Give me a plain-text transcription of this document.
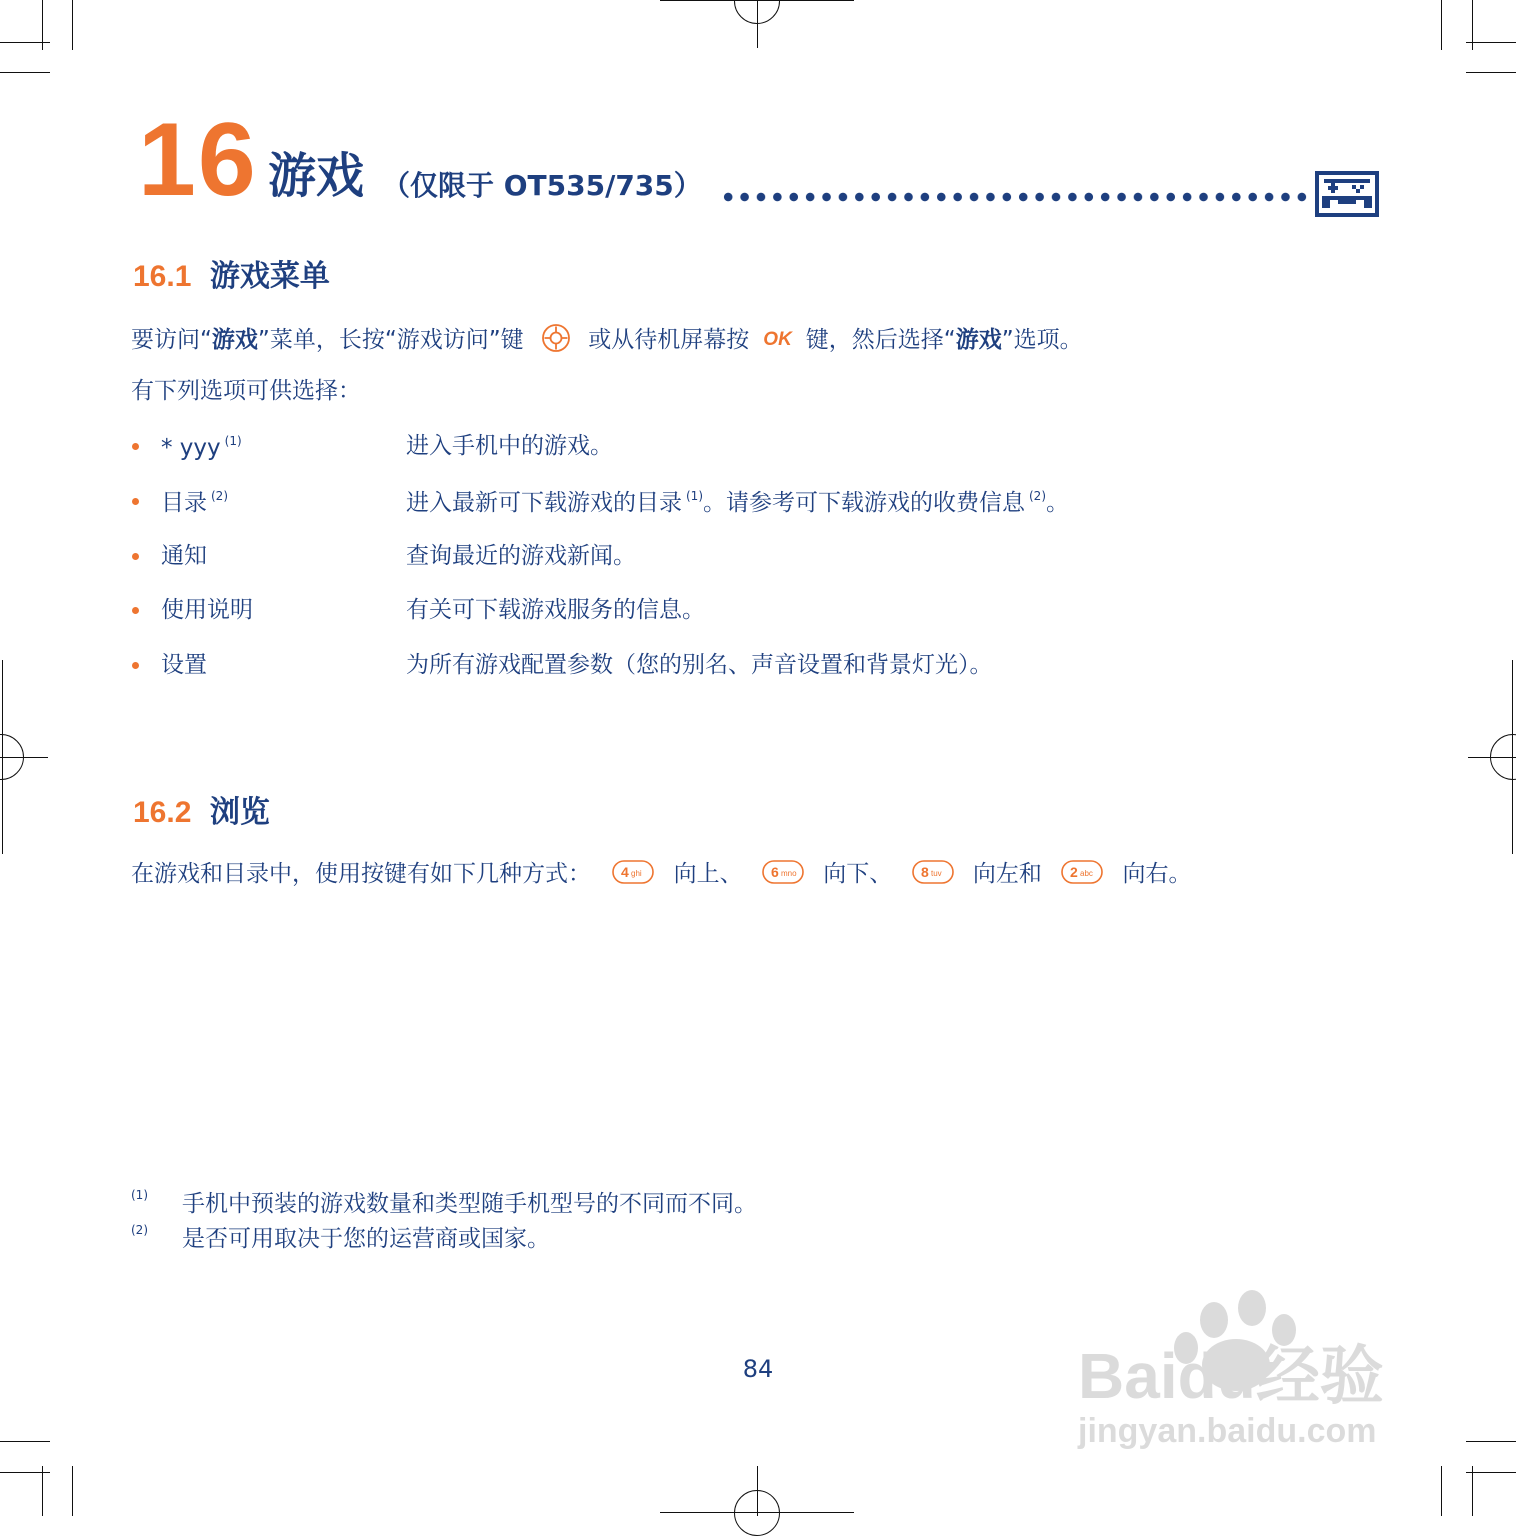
16 游戏 （仅限于 OT535/735）
16.1 游戏菜单
要访问“游戏”菜单，长按“游戏访问”键	或从待机屏幕按 OK 键，然后选择“游戏”选项。
有下列选项可供选择：
* yyy $^{(1)}$	进入手机中的游戏。
目录 $^{(2)}$	进入最新可下载游戏的目录 $^{(1)}$。请参考可下载游戏的收费信息 $^{(2)}$。
通知	查询最近的游戏新闻。
使用说明	有关可下载游戏服务的信息。
设置	为所有游戏配置参数（您的别名、声音设置和背景灯光）。
16.2 浏览
在游戏和目录中，使用按键有如下几种方式： 4 ghi 向上、 6 mno 向下、 8 tuv 向左和 2 abc 向右。
(1) 手机中预装的游戏数量和类型随手机型号的不同而不同。
(2) 是否可用取决于您的运营商或国家。
84	Baidu经验
jingyan.baidu.com
